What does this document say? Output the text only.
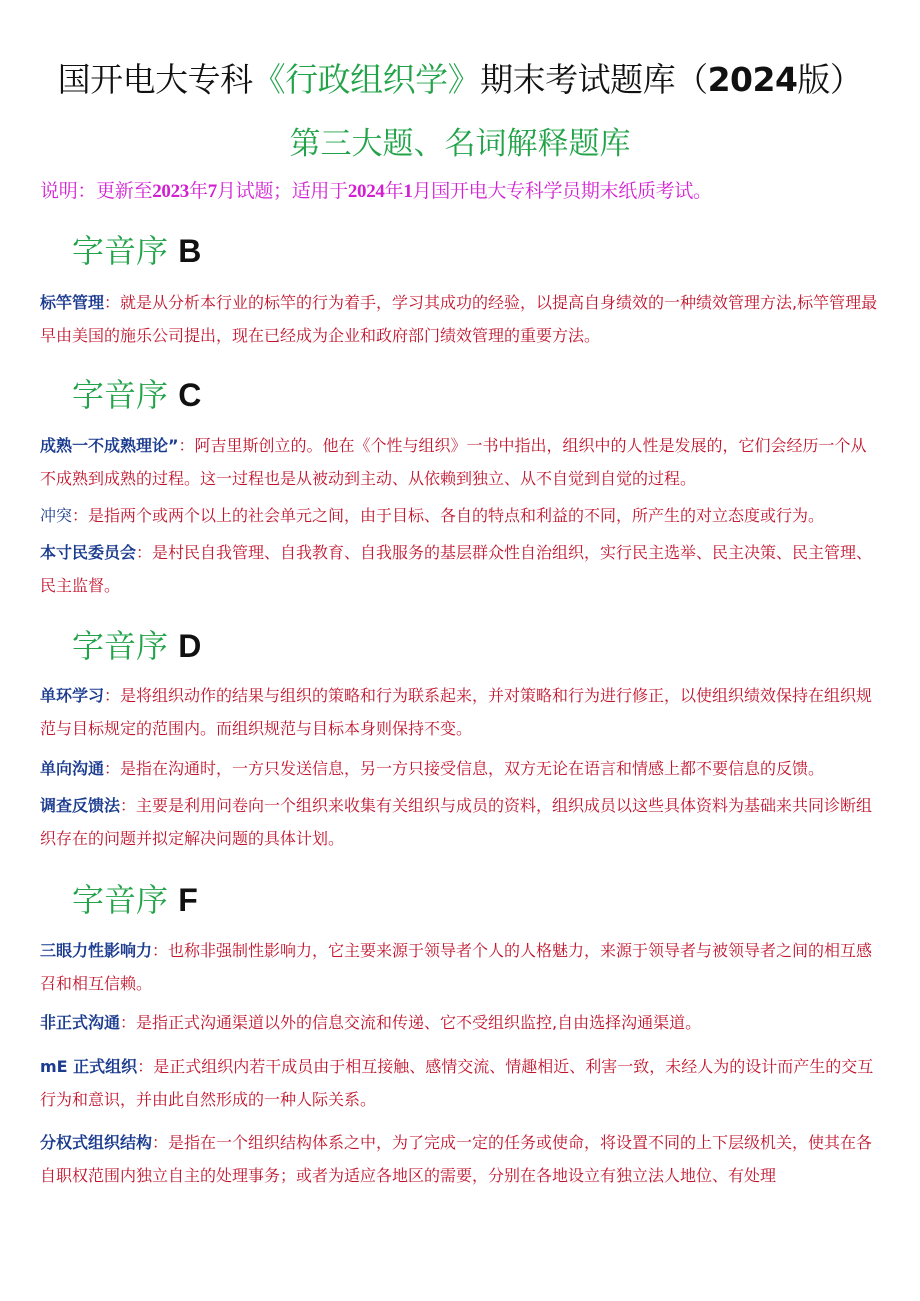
国开电大专科《行政组织学》期末考试题库（2024版）
第三大题、名词解释题库
说明：更新至2023年7月试题；适用于2024年1月国开电大专科学员期末纸质考试。
字音序 B
标竿管理：就是从分析本行业的标竿的行为着手，学习其成功的经验，以提高自身绩效的一种绩效管理方法,标竿管理最早由美国的施乐公司提出，现在已经成为企业和政府部门绩效管理的重要方法。
字音序 C
成熟一不成熟理论”：阿吉里斯创立的。他在《个性与组织》一书中指出，组织中的人性是发展的，它们会经历一个从不成熟到成熟的过程。这一过程也是从被动到主动、从依赖到独立、从不自觉到自觉的过程。
冲突：是指两个或两个以上的社会单元之间，由于目标、各自的特点和利益的不同，所产生的对立态度或行为。
本寸民委员会：是村民自我管理、自我教育、自我服务的基层群众性自治组织，实行民主选举、民主决策、民主管理、民主监督。
字音序 D
单环学习：是将组织动作的结果与组织的策略和行为联系起来，并对策略和行为进行修正，以使组织绩效保持在组织规范与目标规定的范围内。而组织规范与目标本身则保持不变。
单向沟通：是指在沟通时，一方只发送信息，另一方只接受信息，双方无论在语言和情感上都不要信息的反馈。
调查反馈法：主要是利用问卷向一个组织来收集有关组织与成员的资料，组织成员以这些具体资料为基础来共同诊断组织存在的问题并拟定解决问题的具体计划。
字音序 F
三眼力性影响力：也称非强制性影响力，它主要来源于领导者个人的人格魅力，来源于领导者与被领导者之间的相互感召和相互信赖。
非正式沟通：是指正式沟通渠道以外的信息交流和传递、它不受组织监控,自由选择沟通渠道。
mE 正式组织：是正式组织内若干成员由于相互接触、感情交流、情趣相近、利害一致，未经人为的设计而产生的交互行为和意识，并由此自然形成的一种人际关系。
分权式组织结构：是指在一个组织结构体系之中，为了完成一定的任务或使命，将设置不同的上下层级机关，使其在各自职权范围内独立自主的处理事务；或者为适应各地区的需要，分别在各地设立有独立法人地位、有处理
